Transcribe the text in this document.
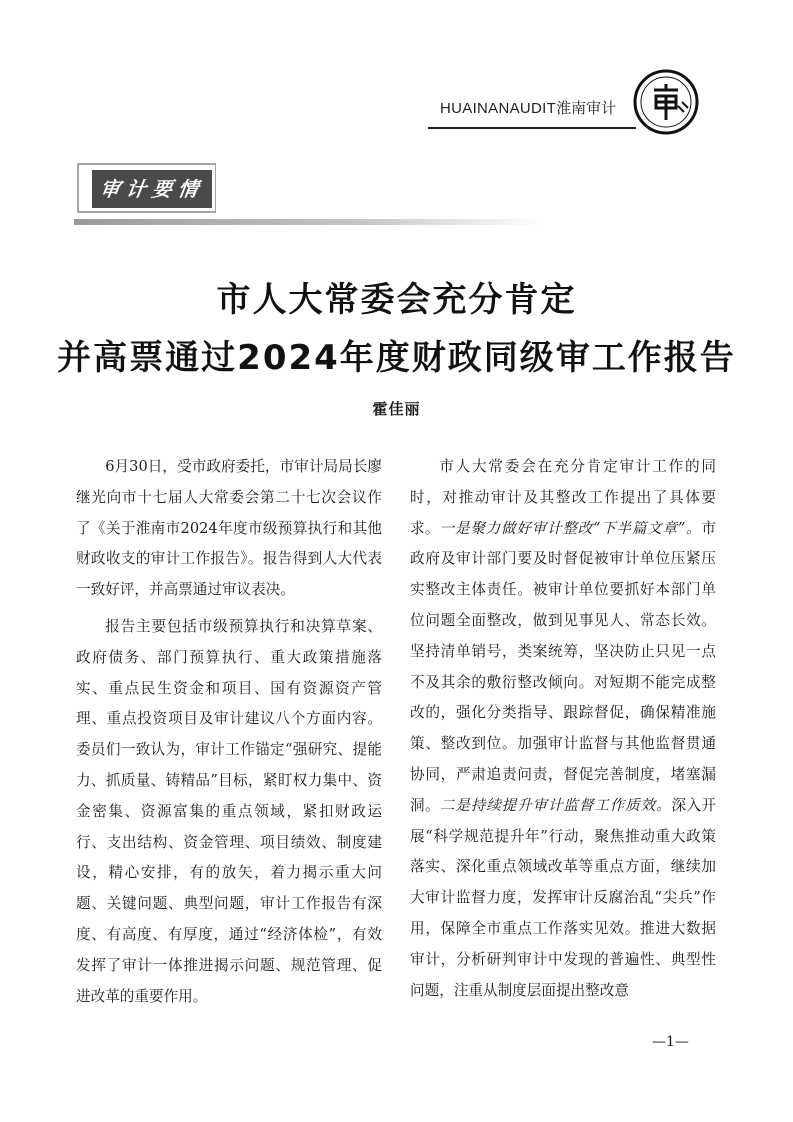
HUAINANAUDIT淮南审计
审计要情
市人大常委会充分肯定
并高票通过2024年度财政同级审工作报告
霍佳丽

6月30日，受市政府委托，市审计局局长廖继光向市十七届人大常委会第二十七次会议作了《关于淮南市2024年度市级预算执行和其他财政收支的审计工作报告》。报告得到人大代表一致好评，并高票通过审议表决。

报告主要包括市级预算执行和决算草案、政府债务、部门预算执行、重大政策措施落实、重点民生资金和项目、国有资源资产管理、重点投资项目及审计建议八个方面内容。委员们一致认为，审计工作锚定“强研究、提能力、抓质量、铸精品”目标，紧盯权力集中、资金密集、资源富集的重点领域，紧扣财政运行、支出结构、资金管理、项目绩效、制度建设，精心安排，有的放矢，着力揭示重大问题、关键问题、典型问题，审计工作报告有深度、有高度、有厚度，通过“经济体检”，有效发挥了审计一体推进揭示问题、规范管理、促进改革的重要作用。

市人大常委会在充分肯定审计工作的同时，对推动审计及其整改工作提出了具体要求。一是聚力做好审计整改“下半篇文章”。市政府及审计部门要及时督促被审计单位压紧压实整改主体责任。被审计单位要抓好本部门单位问题全面整改，做到见事见人、常态长效。坚持清单销号，类案统筹，坚决防止只见一点不及其余的敷衍整改倾向。对短期不能完成整改的，强化分类指导、跟踪督促，确保精准施策、整改到位。加强审计监督与其他监督贯通协同，严肃追责问责，督促完善制度，堵塞漏洞。二是持续提升审计监督工作质效。深入开展“科学规范提升年”行动，聚焦推动重大政策落实、深化重点领域改革等重点方面，继续加大审计监督力度，发挥审计反腐治乱“尖兵”作用，保障全市重点工作落实见效。推进大数据审计，分析研判审计中发现的普遍性、典型性问题，注重从制度层面提出整改意

—1—
